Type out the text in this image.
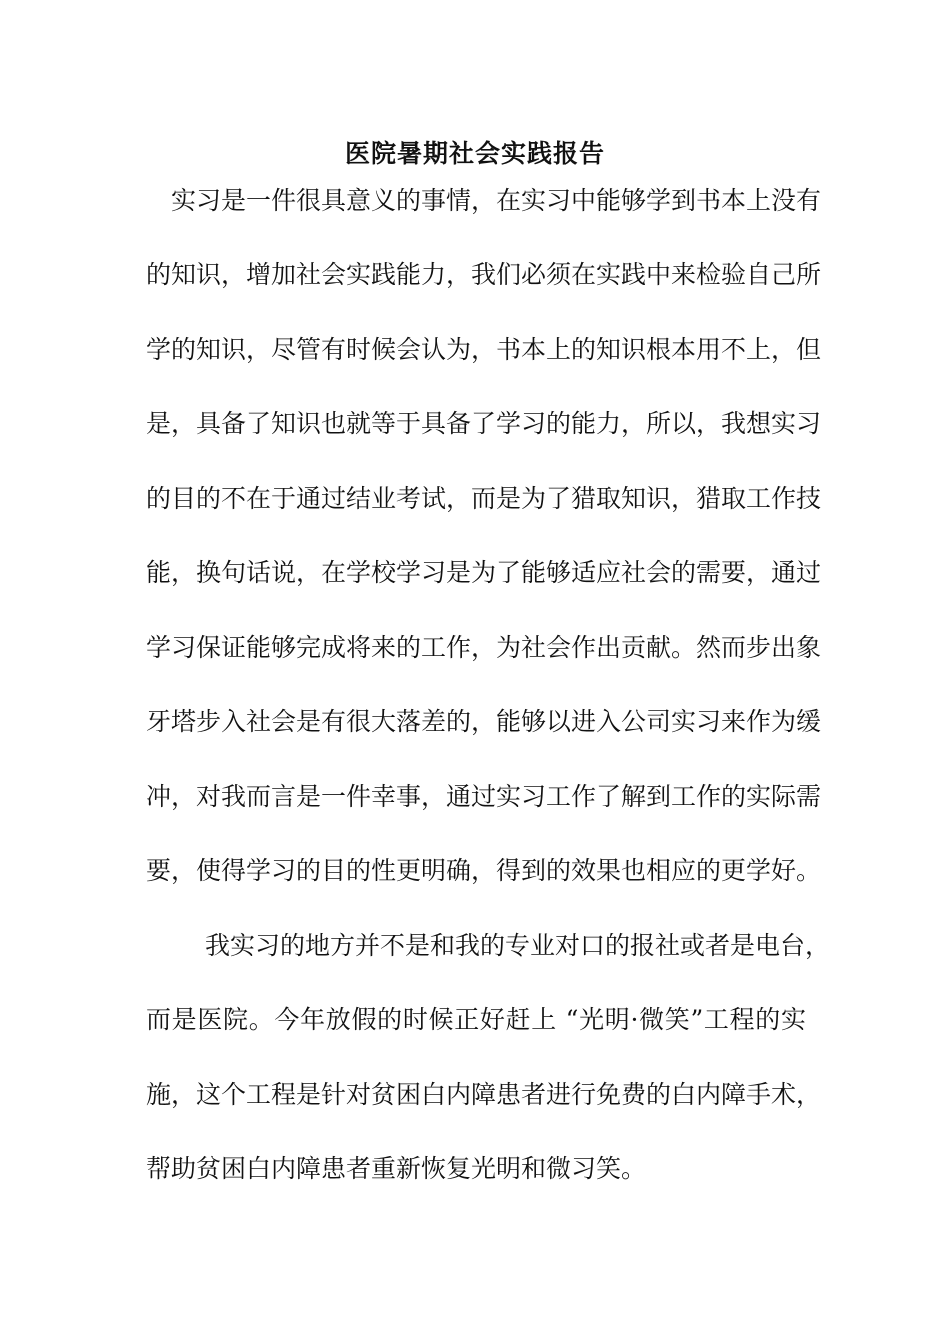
医院暑期社会实践报告
实习是一件很具意义的事情，在实习中能够学到书本上没有
的知识，增加社会实践能力，我们必须在实践中来检验自己所
学的知识，尽管有时候会认为，书本上的知识根本用不上，但
是，具备了知识也就等于具备了学习的能力，所以，我想实习
的目的不在于通过结业考试，而是为了猎取知识，猎取工作技
能，换句话说，在学校学习是为了能够适应社会的需要，通过
学习保证能够完成将来的工作，为社会作出贡献。然而步出象
牙塔步入社会是有很大落差的，能够以进入公司实习来作为缓
冲，对我而言是一件幸事，通过实习工作了解到工作的实际需
要，使得学习的目的性更明确，得到的效果也相应的更学好。
我实习的地方并不是和我的专业对口的报社或者是电台，
而是医院。今年放假的时候正好赶上 “光明·微笑”工程的实
施，这个工程是针对贫困白内障患者进行免费的白内障手术，
帮助贫困白内障患者重新恢复光明和微习笑。
